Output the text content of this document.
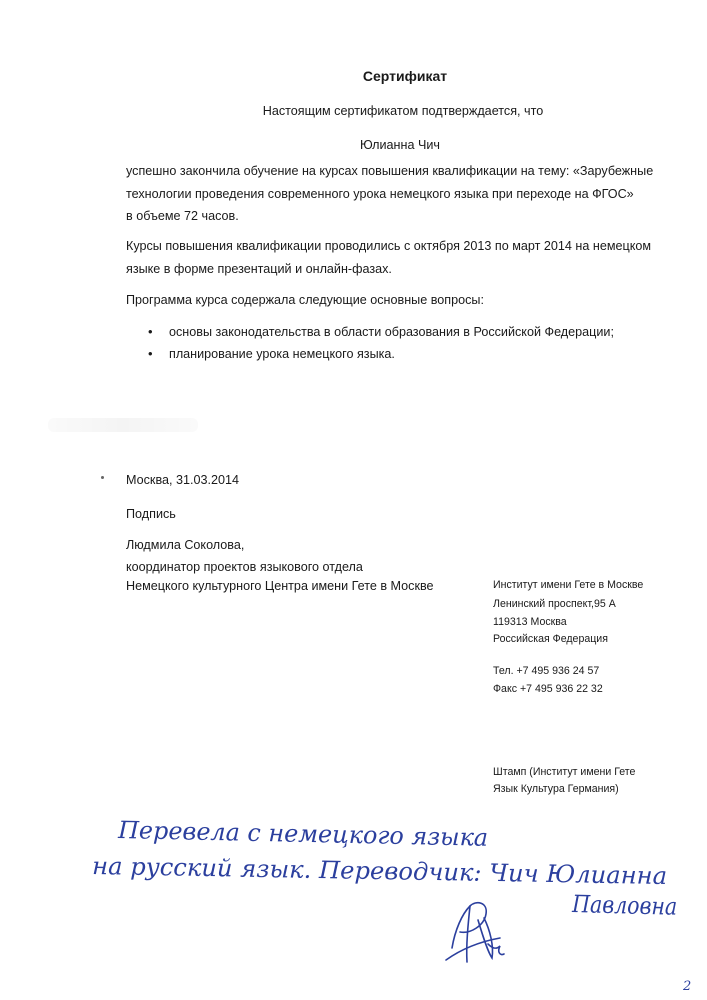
Сертификат
Настоящим сертификатом подтверждается, что
Юлианна Чич
успешно закончила обучение на курсах повышения квалификации на тему: «Зарубежные
технологии проведения современного урока немецкого языка при переходе на ФГОС»
в объеме 72 часов.
Курсы повышения квалификации проводились с октября 2013 по март 2014 на немецком
языке в форме презентаций и онлайн-фазах.
Программа курса содержала следующие основные вопросы:
• основы законодательства в области образования в Российской Федерации;
• планирование урока немецкого языка.
Москва, 31.03.2014
Подпись
Людмила Соколова,
координатор проектов языкового отдела
Немецкого культурного Центра имени Гете в Москве	Институт имени Гете в Москве
Ленинский проспект,95 А
119313 Москва
Российская Федерация
Тел. +7 495 936 24 57
Факс +7 495 936 22 32
Штамп (Институт имени Гете
Язык Культура Германия)
Перевела с немецкого языка
на русский язык. Переводчик: Чич Юлианна
Павловна
2
